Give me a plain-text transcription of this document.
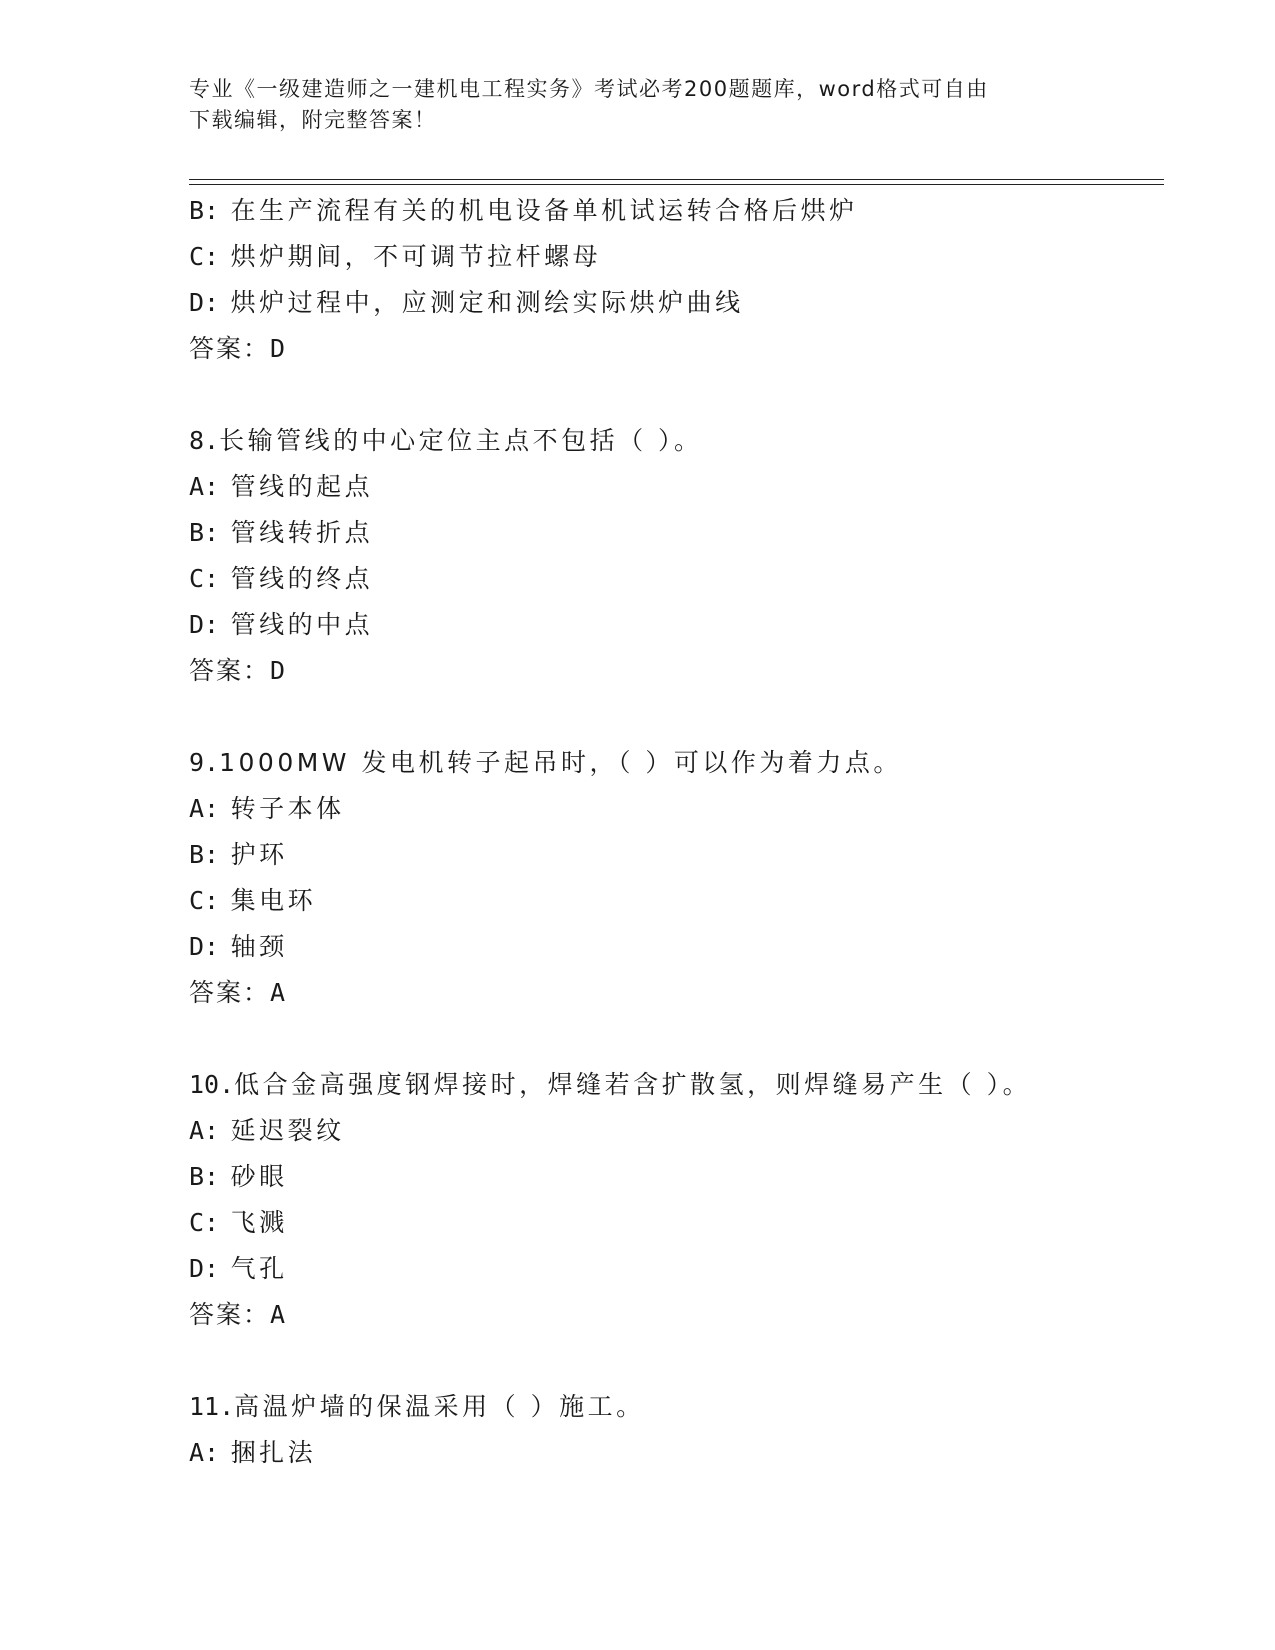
专业《一级建造师之一建机电工程实务》考试必考200题题库，word格式可自由
下载编辑，附完整答案！
B: 在生产流程有关的机电设备单机试运转合格后烘炉
C: 烘炉期间，不可调节拉杆螺母
D: 烘炉过程中，应测定和测绘实际烘炉曲线
答案：D
8.长输管线的中心定位主点不包括（ ）。
A: 管线的起点
B: 管线转折点
C: 管线的终点
D: 管线的中点
答案：D
9.1000MW 发电机转子起吊时，（ ）可以作为着力点。
A: 转子本体
B: 护环
C: 集电环
D: 轴颈
答案：A
10.低合金高强度钢焊接时，焊缝若含扩散氢，则焊缝易产生（ ）。
A: 延迟裂纹
B: 砂眼
C: 飞溅
D: 气孔
答案：A
11.高温炉墙的保温采用（ ）施工。
A: 捆扎法
